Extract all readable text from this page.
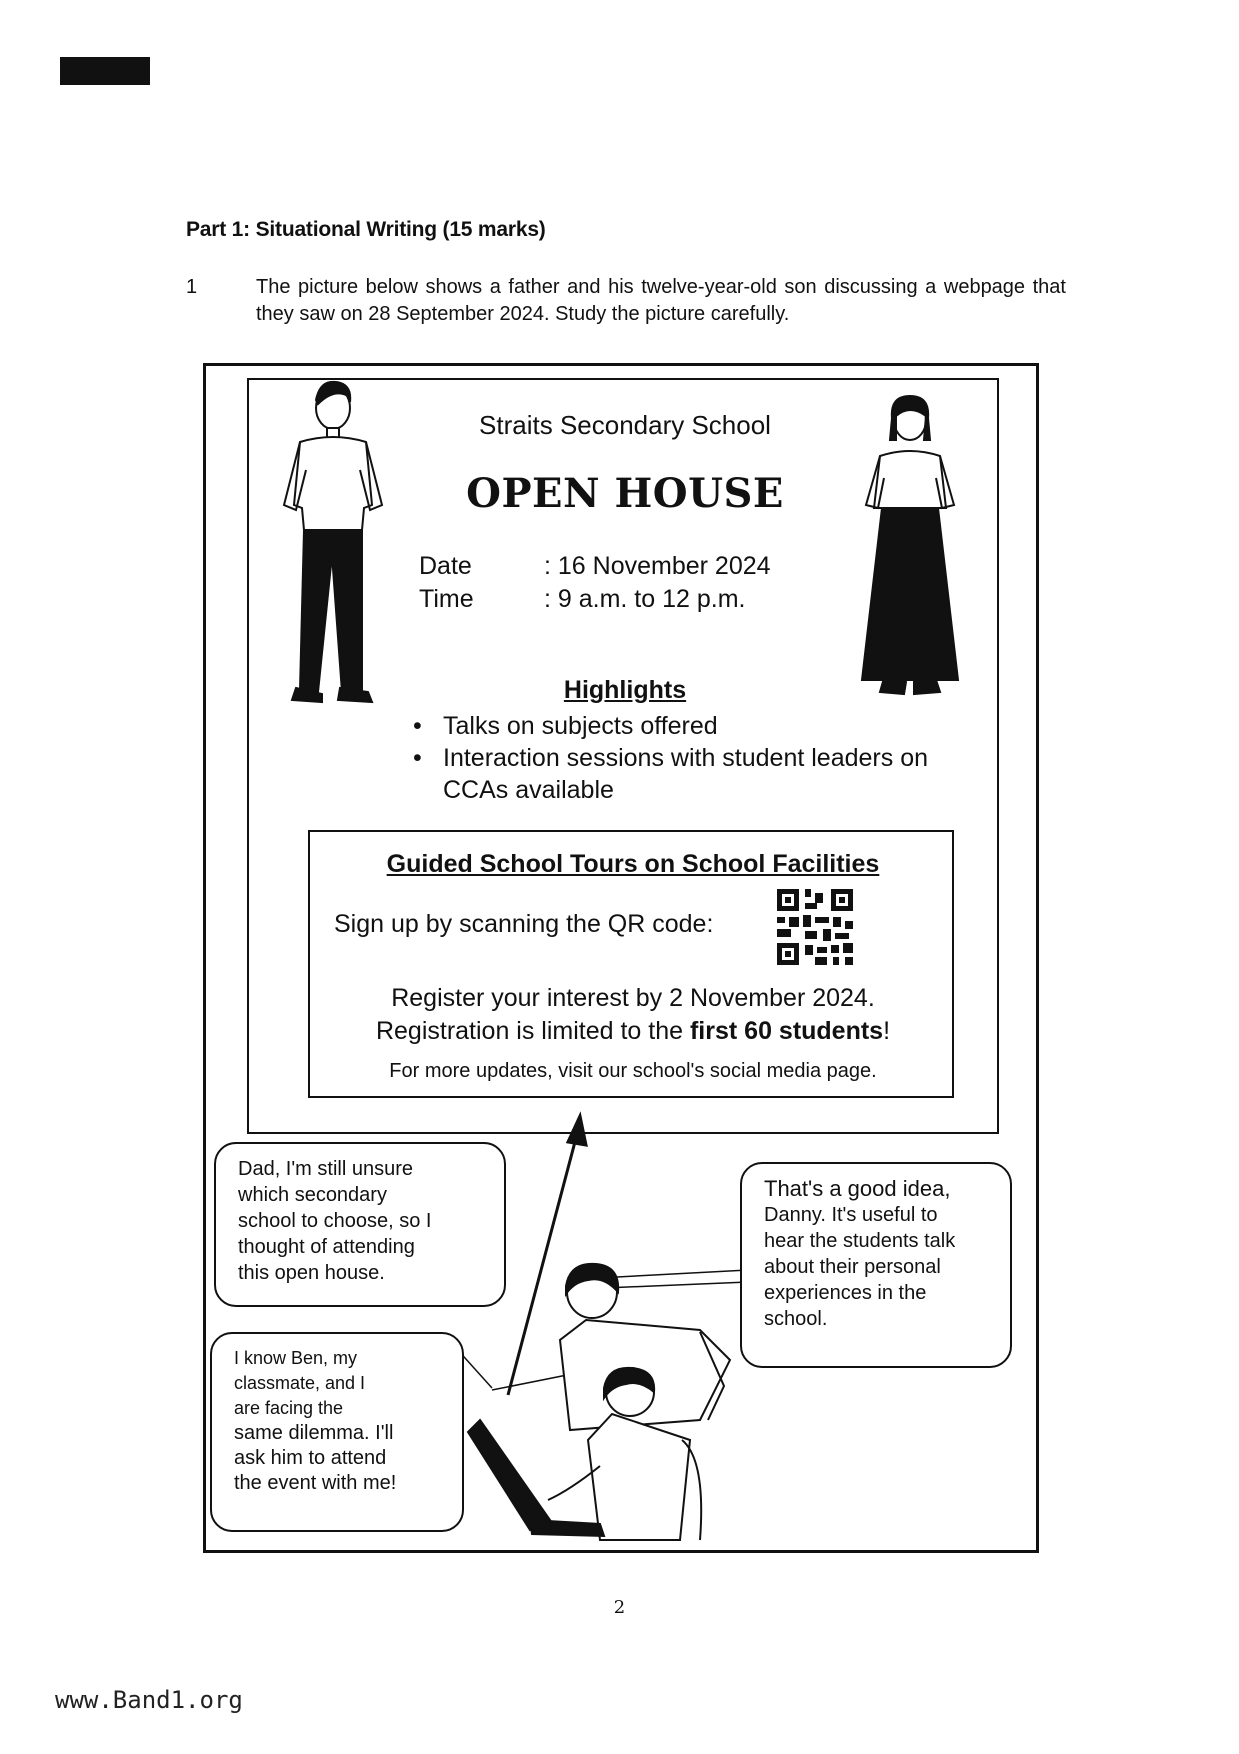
Part 1: Situational Writing (15 marks)
1	The picture below shows a father and his twelve-year-old son discussing a webpage that they saw on 28 September 2024. Study the picture carefully.
Straits Secondary School
OPEN HOUSE
Date	: 16 November 2024
Time	: 9 a.m. to 12 p.m.
Highlights
• Talks on subjects offered
• Interaction sessions with student leaders on CCAs available
Guided School Tours on School Facilities
Sign up by scanning the QR code:
Register your interest by 2 November 2024.
Registration is limited to the first 60 students!
For more updates, visit our school's social media page.
Dad, I'm still unsure
which secondary
school to choose, so I
thought of attending
this open house.
That's a good idea,
Danny. It's useful to
hear the students talk
about their personal
experiences in the
school.
I know Ben, my
classmate, and I
are facing the
same dilemma. I'll
ask him to attend
the event with me!
2
www.Band1.org
